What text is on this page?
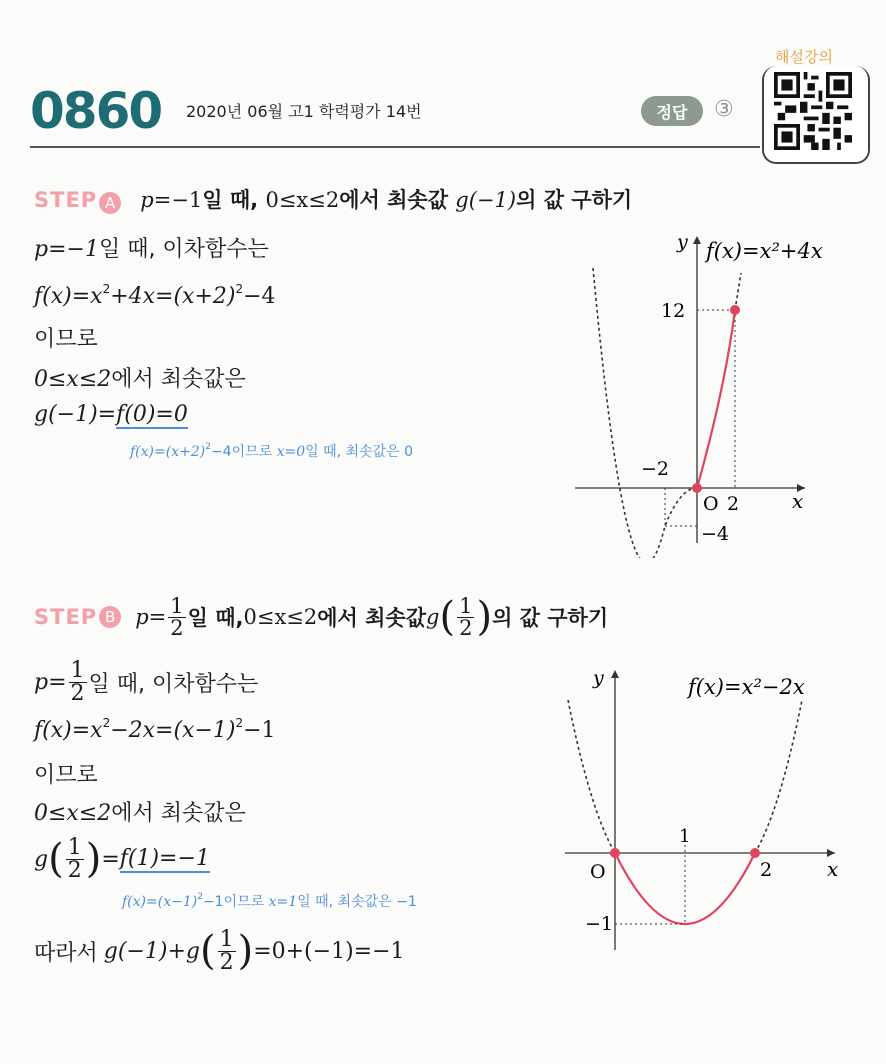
0860 2020년 06월 고1 학력평가 14번	정답	③
해설강의
STEP A p=−1일 때, 0≤x≤2에서 최솟값 g(−1)의 값 구하기
p=−1일 때, 이차함수는
$f(x)=x^2+4x=(x+2)^2-4$
이므로
0≤x≤2에서 최솟값은
g(−1)=f(0)=0
$f(x)=(x+2)^2-4$이므로 x=0일 때, 최솟값은 0
y f(x)=x²+4x
12
−2
O 2	x
−4
STEP B $p = \frac{1}{2}$ 일 때, 0≤x≤2 에서 최솟값 g ( $\frac{1}{2}$ ) 의 값 구하기
$p= \frac{1}{2}$ 일 때, 이차함수는
$f(x)=x^2-2x=(x-1)^2-1$
이므로
0≤x≤2에서 최솟값은
g ( $\frac{1}{2}$ ) = f(1)=−1
$f(x)=(x-1)^2-1$이므로 x=1일 때, 최솟값은 −1
따라서 g(−1)+g ( $\frac{1}{2}$ ) =0+(−1)=−1
y	f(x)=x²−2x
1
O	2	x
−1
